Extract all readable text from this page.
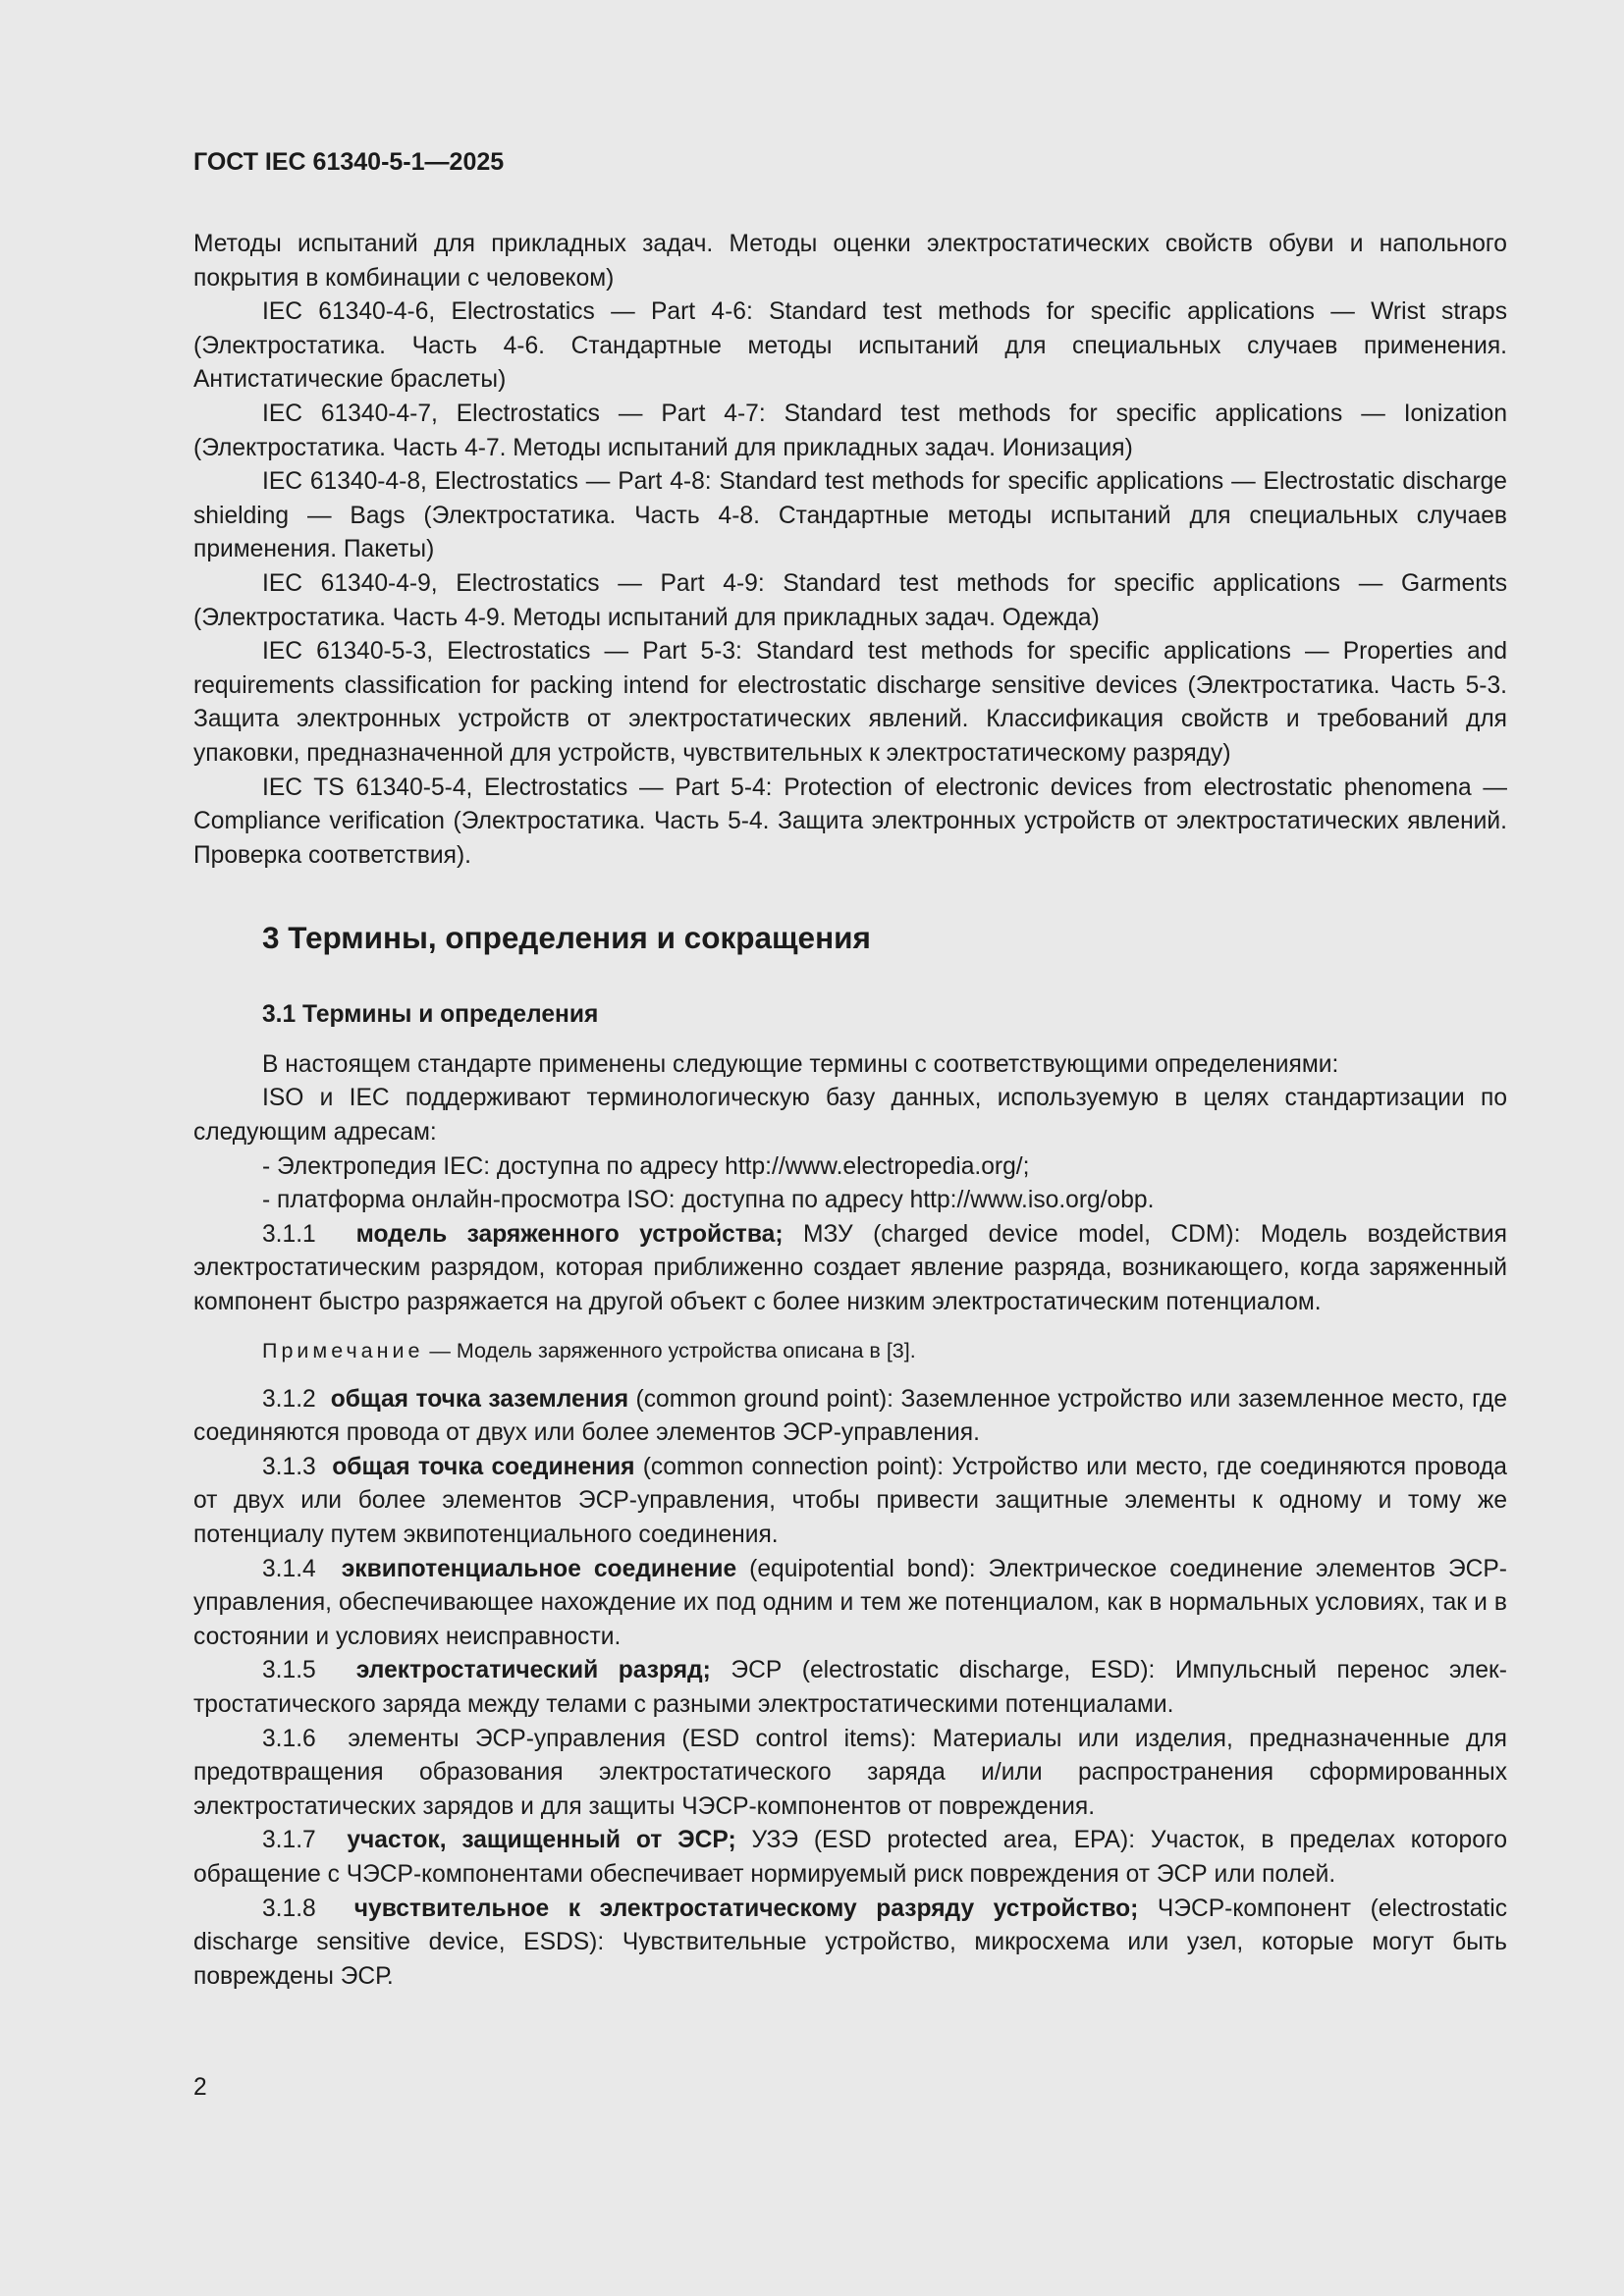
ГОСТ IEC 61340-5-1—2025

Методы испытаний для прикладных задач. Методы оценки электростатических свойств обуви и напольного покрытия в комбинации с человеком)

IEC 61340-4-6, Electrostatics — Part 4-6: Standard test methods for specific applications — Wrist straps (Электростатика. Часть 4-6. Стандартные методы испытаний для специальных случаев применения. Антистатические браслеты)

IEC 61340-4-7, Electrostatics — Part 4-7: Standard test methods for specific applications — Ionization (Электростатика. Часть 4-7. Методы испытаний для прикладных задач. Ионизация)

IEC 61340-4-8, Electrostatics — Part 4-8: Standard test methods for specific applications — Electrostatic discharge shielding — Bags (Электростатика. Часть 4-8. Стандартные методы испытаний для специальных случаев применения. Пакеты)

IEC 61340-4-9, Electrostatics — Part 4-9: Standard test methods for specific applications — Garments (Электростатика. Часть 4-9. Методы испытаний для прикладных задач. Одежда)

IEC 61340-5-3, Electrostatics — Part 5-3: Standard test methods for specific applications — Properties and requirements classification for packing intend for electrostatic discharge sensitive devices (Электростатика. Часть 5-3. Защита электронных устройств от электростатических явлений. Классификация свойств и требований для упаковки, предназначенной для устройств, чувствительных к электростатическому разряду)

IEC TS 61340-5-4, Electrostatics — Part 5-4: Protection of electronic devices from electrostatic phenomena — Compliance verification (Электростатика. Часть 5-4. Защита электронных устройств от электростатических явлений. Проверка соответствия).

3 Термины, определения и сокращения
3.1 Термины и определения

В настоящем стандарте применены следующие термины с соответствующими определениями:

ISO и IEC поддерживают терминологическую базу данных, используемую в целях стандартизации по следующим адресам:

- Электропедия IEC: доступна по адресу http://www.electropedia.org/;

- платформа онлайн-просмотра ISO: доступна по адресу http://www.iso.org/obp.

3.1.1 модель заряженного устройства; МЗУ (charged device model, CDM): Модель воздействия электростатическим разрядом, которая приближенно создает явление разряда, возникающего, когда заряженный компонент быстро разряжается на другой объект с более низким электростатическим потенциалом.

Примечание — Модель заряженного устройства описана в [3].

3.1.2 общая точка заземления (common ground point): Заземленное устройство или заземленное место, где соединяются провода от двух или более элементов ЭСР-управления.

3.1.3 общая точка соединения (common connection point): Устройство или место, где соединяются провода от двух или более элементов ЭСР-управления, чтобы привести защитные элементы к одному и тому же потенциалу путем эквипотенциального соединения.

3.1.4 эквипотенциальное соединение (equipotential bond): Электрическое соединение элементов ЭСР-управления, обеспечивающее нахождение их под одним и тем же потенциалом, как в нормальных условиях, так и в состоянии и условиях неисправности.

3.1.5 электростатический разряд; ЭСР (electrostatic discharge, ESD): Импульсный перенос электростатического заряда между телами с разными электростатическими потенциалами.

3.1.6 элементы ЭСР-управления (ESD control items): Материалы или изделия, предназначенные для предотвращения образования электростатического заряда и/или распространения сформированных электростатических зарядов и для защиты ЧЭСР-компонентов от повреждения.

3.1.7 участок, защищенный от ЭСР; УЗЭ (ESD protected area, EPA): Участок, в пределах которого обращение с ЧЭСР-компонентами обеспечивает нормируемый риск повреждения от ЭСР или полей.

3.1.8 чувствительное к электростатическому разряду устройство; ЧЭСР-компонент (electrostatic discharge sensitive device, ESDS): Чувствительные устройство, микросхема или узел, которые могут быть повреждены ЭСР.

2
